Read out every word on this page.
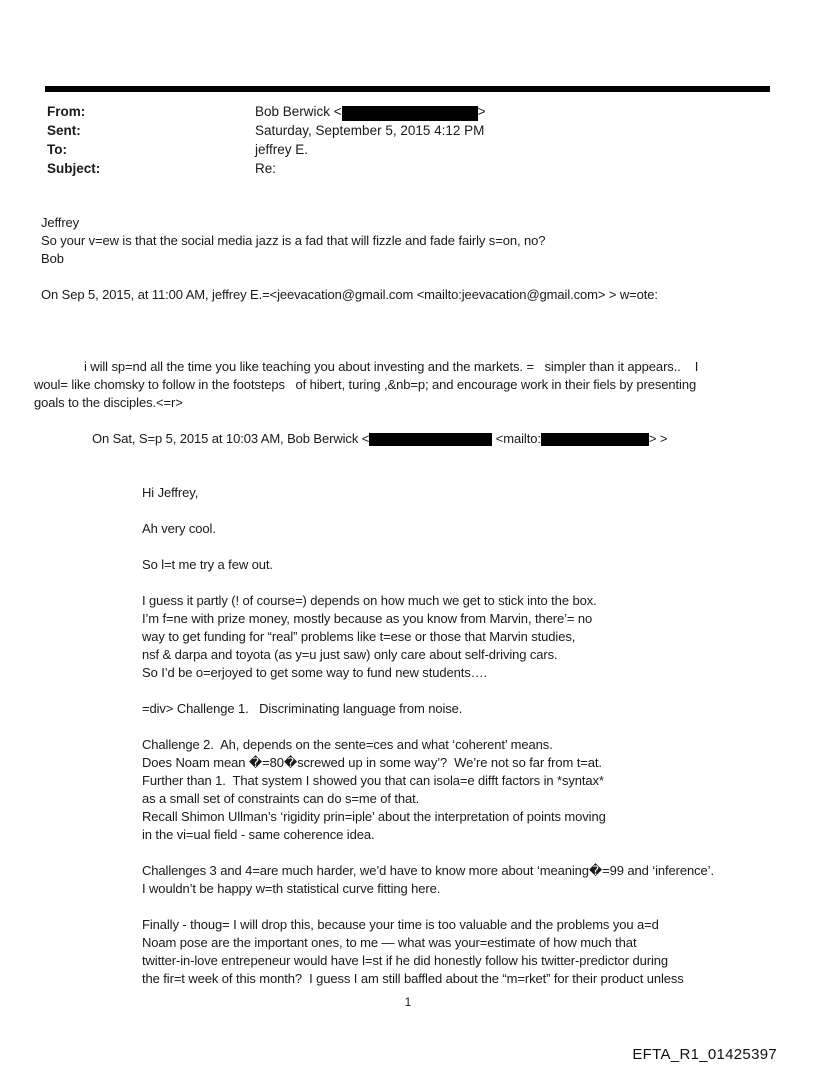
From:	Bob Berwick <	>
Sent:	Saturday, September 5, 2015 4:12 PM
To:	jeffrey E.
Subject:	Re:
Jeffrey
So your v=ew is that the social media jazz is a fad that will fizzle and fade fairly s=on, no?
Bob

On Sep 5, 2015, at 11:00 AM, jeffrey E.=<jeevacation@gmail.com <mailto:jeevacation@gmail.com> > w=ote:

i will sp=nd all the time you like teaching you about investing and the markets. =   simpler than it appears..    I
woul= like chomsky to follow in the footsteps   of hibert, turing ,&nb=p; and encourage work in their fiels by presenting
goals to the disciples.<=r>

On Sat, S=p 5, 2015 at 10:03 AM, Bob Berwick <	<mailto:	> >

Hi Jeffrey,

Ah very cool.

So l=t me try a few out.

I guess it partly (! of course=) depends on how much we get to stick into the box.
I’m f=ne with prize money, mostly because as you know from Marvin, there’= no
way to get funding for “real” problems like t=ese or those that Marvin studies,
nsf & darpa and toyota (as y=u just saw) only care about self-driving cars.
So I’d be o=erjoyed to get some way to fund new students….

=div> Challenge 1.   Discriminating language from noise.

Challenge 2.  Ah, depends on the sente=ces and what ‘coherent’ means.
Does Noam mean �=80�screwed up in some way’?  We’re not so far from t=at.
Further than 1.  That system I showed you that can isola=e difft factors in *syntax*
as a small set of constraints can do s=me of that.
Recall Shimon Ullman’s ‘rigidity prin=iple’ about the interpretation of points moving
in the vi=ual field - same coherence idea.

Challenges 3 and 4=are much harder, we’d have to know more about ‘meaning�=99 and ‘inference’.
I wouldn’t be happy w=th statistical curve fitting here.

Finally - thoug= I will drop this, because your time is too valuable and the problems you a=d
Noam pose are the important ones, to me — what was your=estimate of how much that
twitter-in-love entrepeneur would have l=st if he did honestly follow his twitter-predictor during
the fir=t week of this month?  I guess I am still baffled about the “m=rket” for their product unless
1
EFTA_R1_01425397
